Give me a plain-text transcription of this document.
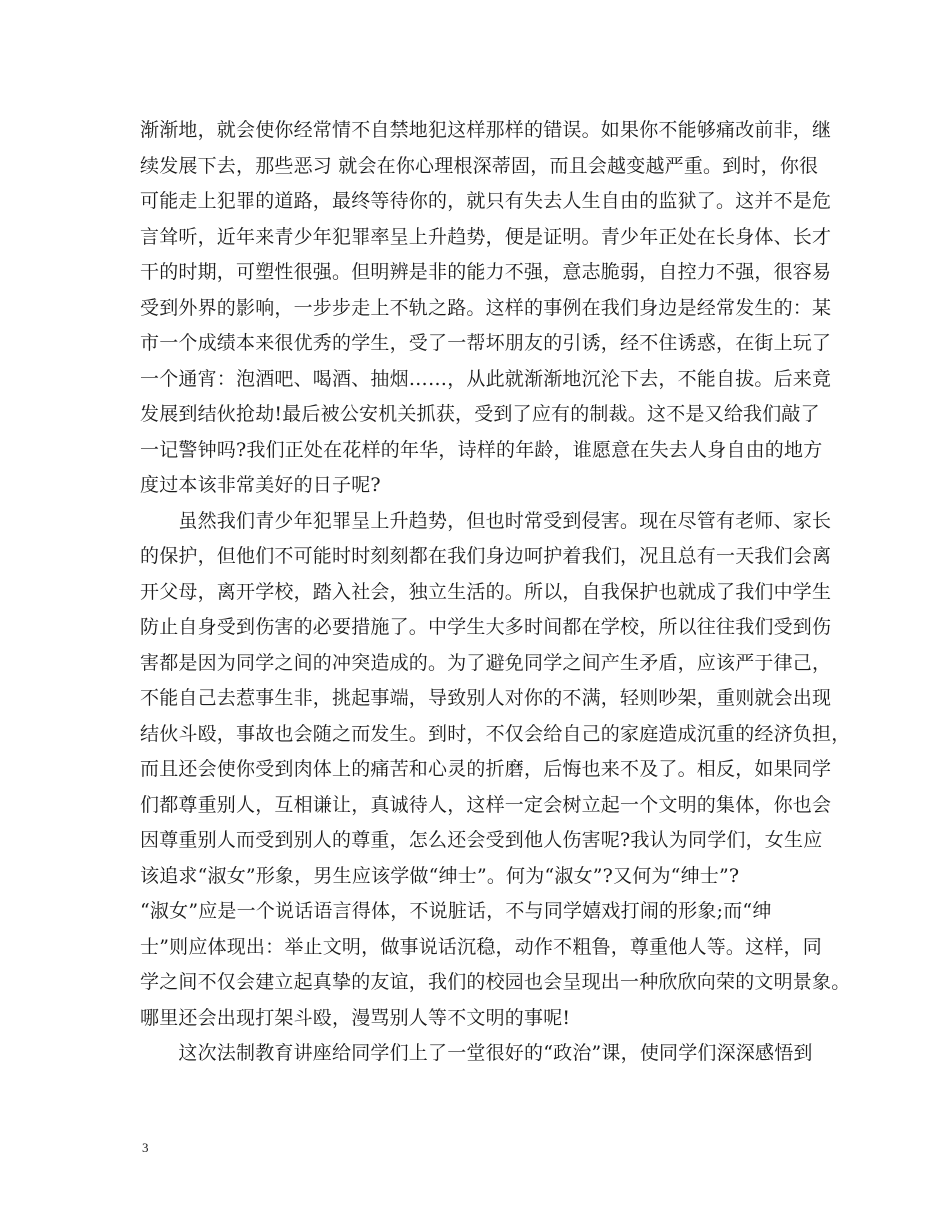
渐渐地，就会使你经常情不自禁地犯这样那样的错误。如果你不能够痛改前非，继
续发展下去，那些恶习 就会在你心理根深蒂固，而且会越变越严重。到时，你很
可能走上犯罪的道路，最终等待你的，就只有失去人生自由的监狱了。这并不是危
言耸听，近年来青少年犯罪率呈上升趋势，便是证明。青少年正处在长身体、长才
干的时期，可塑性很强。但明辨是非的能力不强，意志脆弱，自控力不强，很容易
受到外界的影响，一步步走上不轨之路。这样的事例在我们身边是经常发生的：某
市一个成绩本来很优秀的学生，受了一帮坏朋友的引诱，经不住诱惑，在街上玩了
一个通宵：泡酒吧、喝酒、抽烟……，从此就渐渐地沉沦下去，不能自拔。后来竟
发展到结伙抢劫!最后被公安机关抓获，受到了应有的制裁。这不是又给我们敲了
一记警钟吗?我们正处在花样的年华，诗样的年龄，谁愿意在失去人身自由的地方
度过本该非常美好的日子呢?
　　虽然我们青少年犯罪呈上升趋势，但也时常受到侵害。现在尽管有老师、家长
的保护，但他们不可能时时刻刻都在我们身边呵护着我们，况且总有一天我们会离
开父母，离开学校，踏入社会，独立生活的。所以，自我保护也就成了我们中学生
防止自身受到伤害的必要措施了。中学生大多时间都在学校，所以往往我们受到伤
害都是因为同学之间的冲突造成的。为了避免同学之间产生矛盾，应该严于律己，
不能自己去惹事生非，挑起事端，导致别人对你的不满，轻则吵架，重则就会出现
结伙斗殴，事故也会随之而发生。到时，不仅会给自己的家庭造成沉重的经济负担，
而且还会使你受到肉体上的痛苦和心灵的折磨，后悔也来不及了。相反，如果同学
们都尊重别人，互相谦让，真诚待人，这样一定会树立起一个文明的集体，你也会
因尊重别人而受到别人的尊重，怎么还会受到他人伤害呢?我认为同学们，女生应
该追求“淑女”形象，男生应该学做“绅士”。何为“淑女”?又何为“绅士”?
“淑女”应是一个说话语言得体，不说脏话，不与同学嬉戏打闹的形象;而“绅
士”则应体现出：举止文明，做事说话沉稳，动作不粗鲁，尊重他人等。这样，同
学之间不仅会建立起真挚的友谊，我们的校园也会呈现出一种欣欣向荣的文明景象。
哪里还会出现打架斗殴，漫骂别人等不文明的事呢!
　　这次法制教育讲座给同学们上了一堂很好的“政治”课，使同学们深深感悟到
3
